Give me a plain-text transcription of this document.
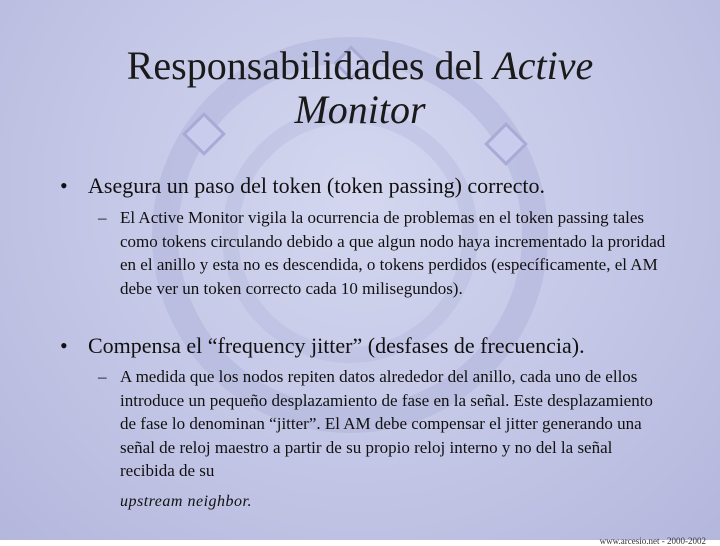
Responsabilidades del Active
Monitor
• Asegura un paso del token (token passing) correcto.
– El Active Monitor vigila la ocurrencia de problemas en el token passing tales como tokens circulando debido a que algun nodo haya incrementado la proridad en el anillo y esta no es descendida, o tokens perdidos (específicamente, el AM debe ver un token correcto cada 10 milisegundos).
• Compensa el “frequency jitter” (desfases de frecuencia).
– A medida que los nodos repiten datos alrededor del anillo, cada uno de ellos introduce un pequeño desplazamiento de fase en la señal. Este desplazamiento de fase lo denominan “jitter”. El AM debe compensar el jitter generando una señal de reloj maestro a partir de su propio reloj interno y no del la señal recibida de su
upstream neighbor.
www.arcesio.net - 2000-2002
